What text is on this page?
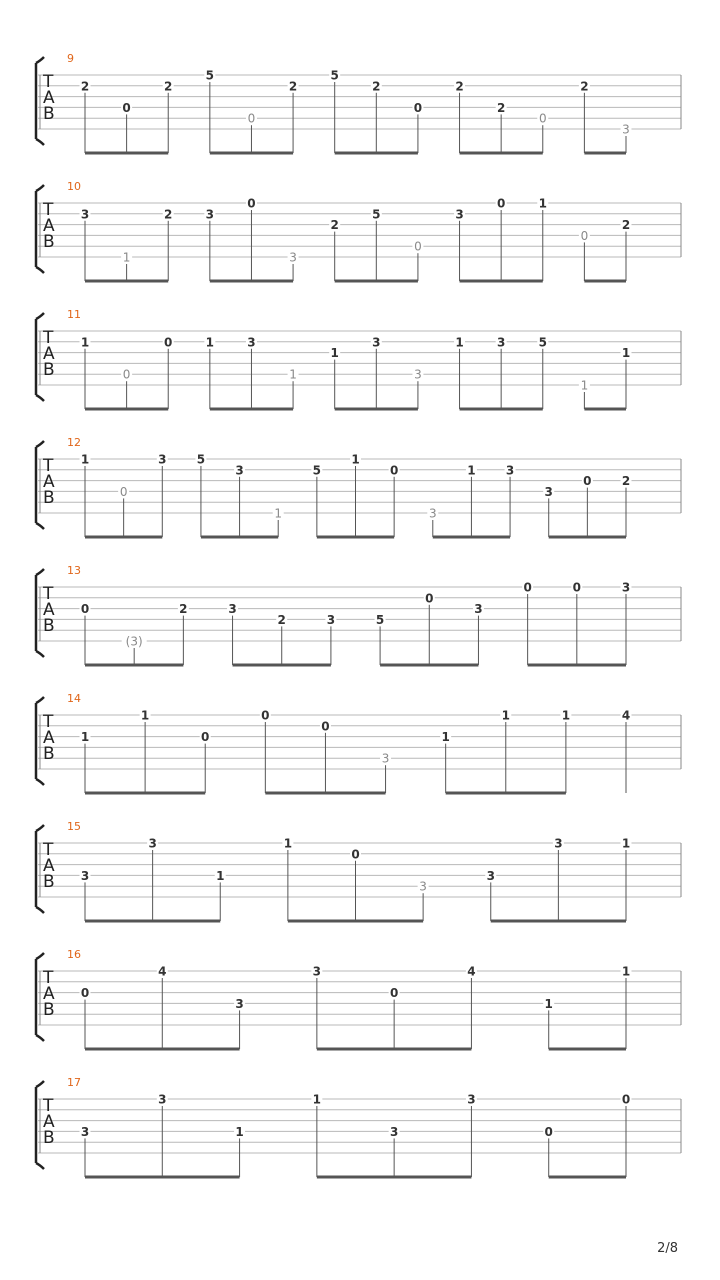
T
A
B
9
2
0
2
5
0
2
5
2
0
2
2
0
2
3
T
A
B
10
3
1
2	3
0
3
2
5
0
3
0	1
0
2
T
A
B
11
1
0
0	1	3
1
1
3
3
1	3	5
1
1
T
A
B
12
1
0
3	5
3
1
5
1
0
3
1	3
3
0	2
T
A
B
13
0
(3)
2	3
2	3	5
0
3
0	0	3
T
A
B
14
1
1
0
0
0
3
1
1	1	4
T
A
B
15
3
3
1
1
0
3
3
3	1
T
A
B
16
0
4
3
3
0
4
1
1
T
A
B
17
3
3
1
1
3
3
0
0
2/8
